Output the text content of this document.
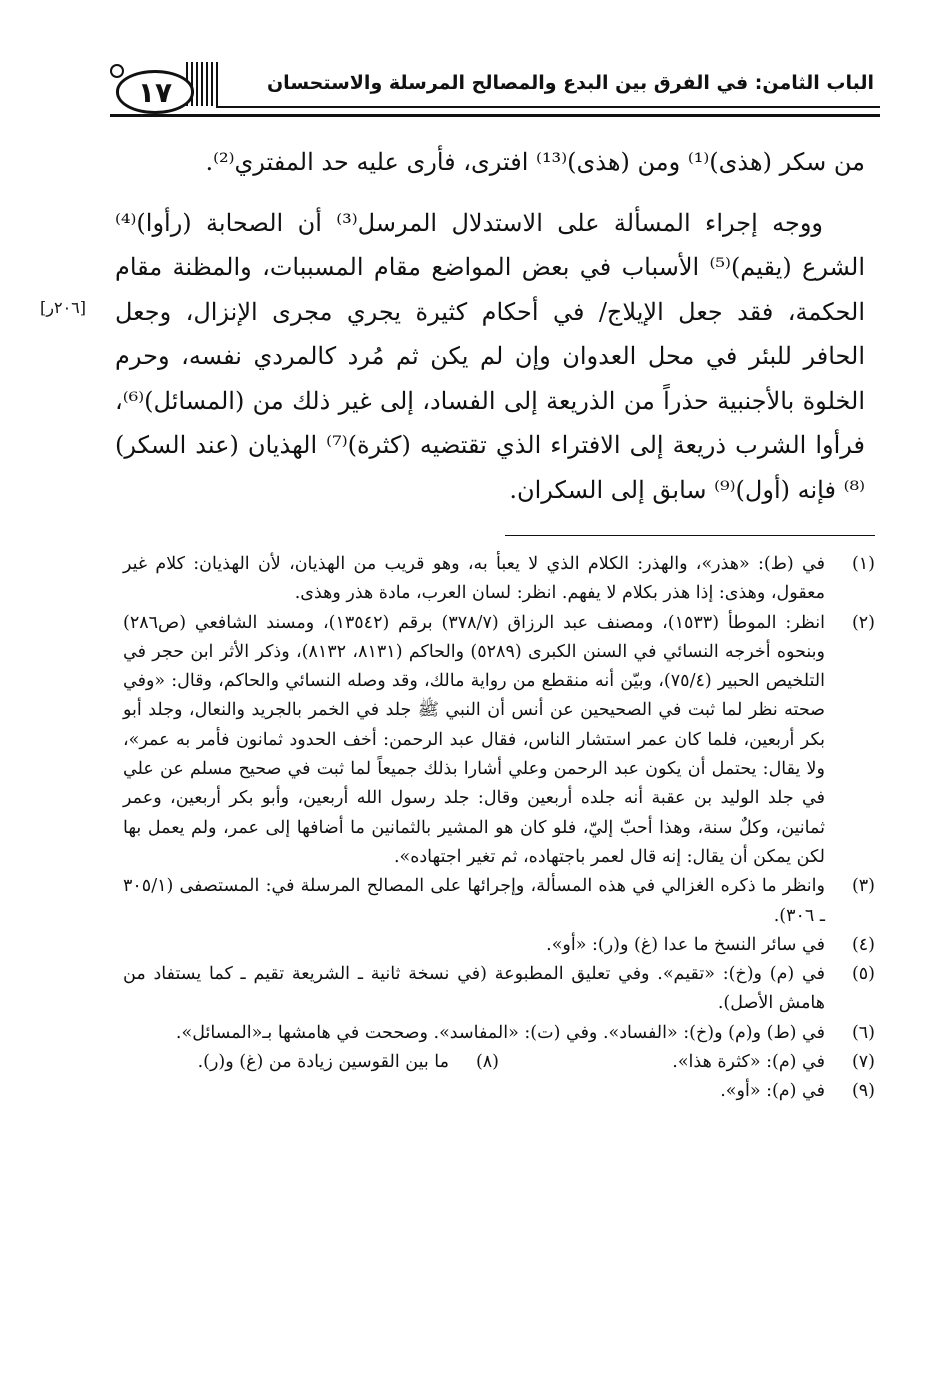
الباب الثامن: في الفرق بين البدع والمصالح المرسلة والاستحسان
١٧

من سكر (هذى)⁽¹⁾ ومن (هذى)⁽¹³⁾ افترى، فأرى عليه حد المفتري⁽²⁾.

ووجه إجراء المسألة على الاستدلال المرسل⁽³⁾ أن الصحابة (رأوا)⁽⁴⁾ الشرع (يقيم)⁽⁵⁾ الأسباب في بعض المواضع مقام المسببات، والمظنة مقام الحكمة، فقد جعل الإيلاج/ في أحكام كثيرة يجري مجرى الإنزال، وجعل الحافر للبئر في محل العدوان وإن لم يكن ثم مُرد كالمردي نفسه، وحرم الخلوة بالأجنبية حذراً من الذريعة إلى الفساد، إلى غير ذلك من (المسائل)⁽⁶⁾، فرأوا الشرب ذريعة إلى الافتراء الذي تقتضيه (كثرة)⁽⁷⁾ الهذيان (عند السكر)⁽⁸⁾ فإنه (أول)⁽⁹⁾ سابق إلى السكران.

[٢٠٦ر]
(١)
في (ط): «هذر»، والهذر: الكلام الذي لا يعبأ به، وهو قريب من الهذيان، لأن الهذيان: كلام غير معقول، وهذى: إذا هذر بكلام لا يفهم. انظر: لسان العرب، مادة هذر وهذى.
(٢)
انظر: الموطأ (١٥٣٣)، ومصنف عبد الرزاق (٣٧٨/٧) برقم (١٣٥٤٢)، ومسند الشافعي (ص٢٨٦) وبنحوه أخرجه النسائي في السنن الكبرى (٥٢٨٩) والحاكم (٨١٣١، ٨١٣٢)، وذكر الأثر ابن حجر في التلخيص الحبير (٧٥/٤)، وبيّن أنه منقطع من رواية مالك، وقد وصله النسائي والحاكم، وقال: «وفي صحته نظر لما ثبت في الصحيحين عن أنس أن النبي ﷺ جلد في الخمر بالجريد والنعال، وجلد أبو بكر أربعين، فلما كان عمر استشار الناس، فقال عبد الرحمن: أخف الحدود ثمانون فأمر به عمر»، ولا يقال: يحتمل أن يكون عبد الرحمن وعلي أشارا بذلك جميعاً لما ثبت في صحيح مسلم عن علي في جلد الوليد بن عقبة أنه جلده أربعين وقال: جلد رسول الله أربعين، وأبو بكر أربعين، وعمر ثمانين، وكلٌ سنة، وهذا أحبّ إليّ، فلو كان هو المشير بالثمانين ما أضافها إلى عمر، ولم يعمل بها لكن يمكن أن يقال: إنه قال لعمر باجتهاده، ثم تغير اجتهاده».
(٣)
وانظر ما ذكره الغزالي في هذه المسألة، وإجرائها على المصالح المرسلة في: المستصفى (٣٠٥/١ ـ ٣٠٦).
(٤)
في سائر النسخ ما عدا (غ) و(ر): «أو».
(٥)
في (م) و(خ): «تقيم». وفي تعليق المطبوعة (في نسخة ثانية ـ الشريعة تقيم ـ كما يستفاد من هامش الأصل).
(٦)
في (ط) و(م) و(خ): «الفساد». وفي (ت): «المفاسد». وصححت في هامشها بـ«المسائل».
(٧)
في (م): «كثرة هذا».
(٨)
ما بين القوسين زيادة من (غ) و(ر).
(٩)
في (م): «أو».
